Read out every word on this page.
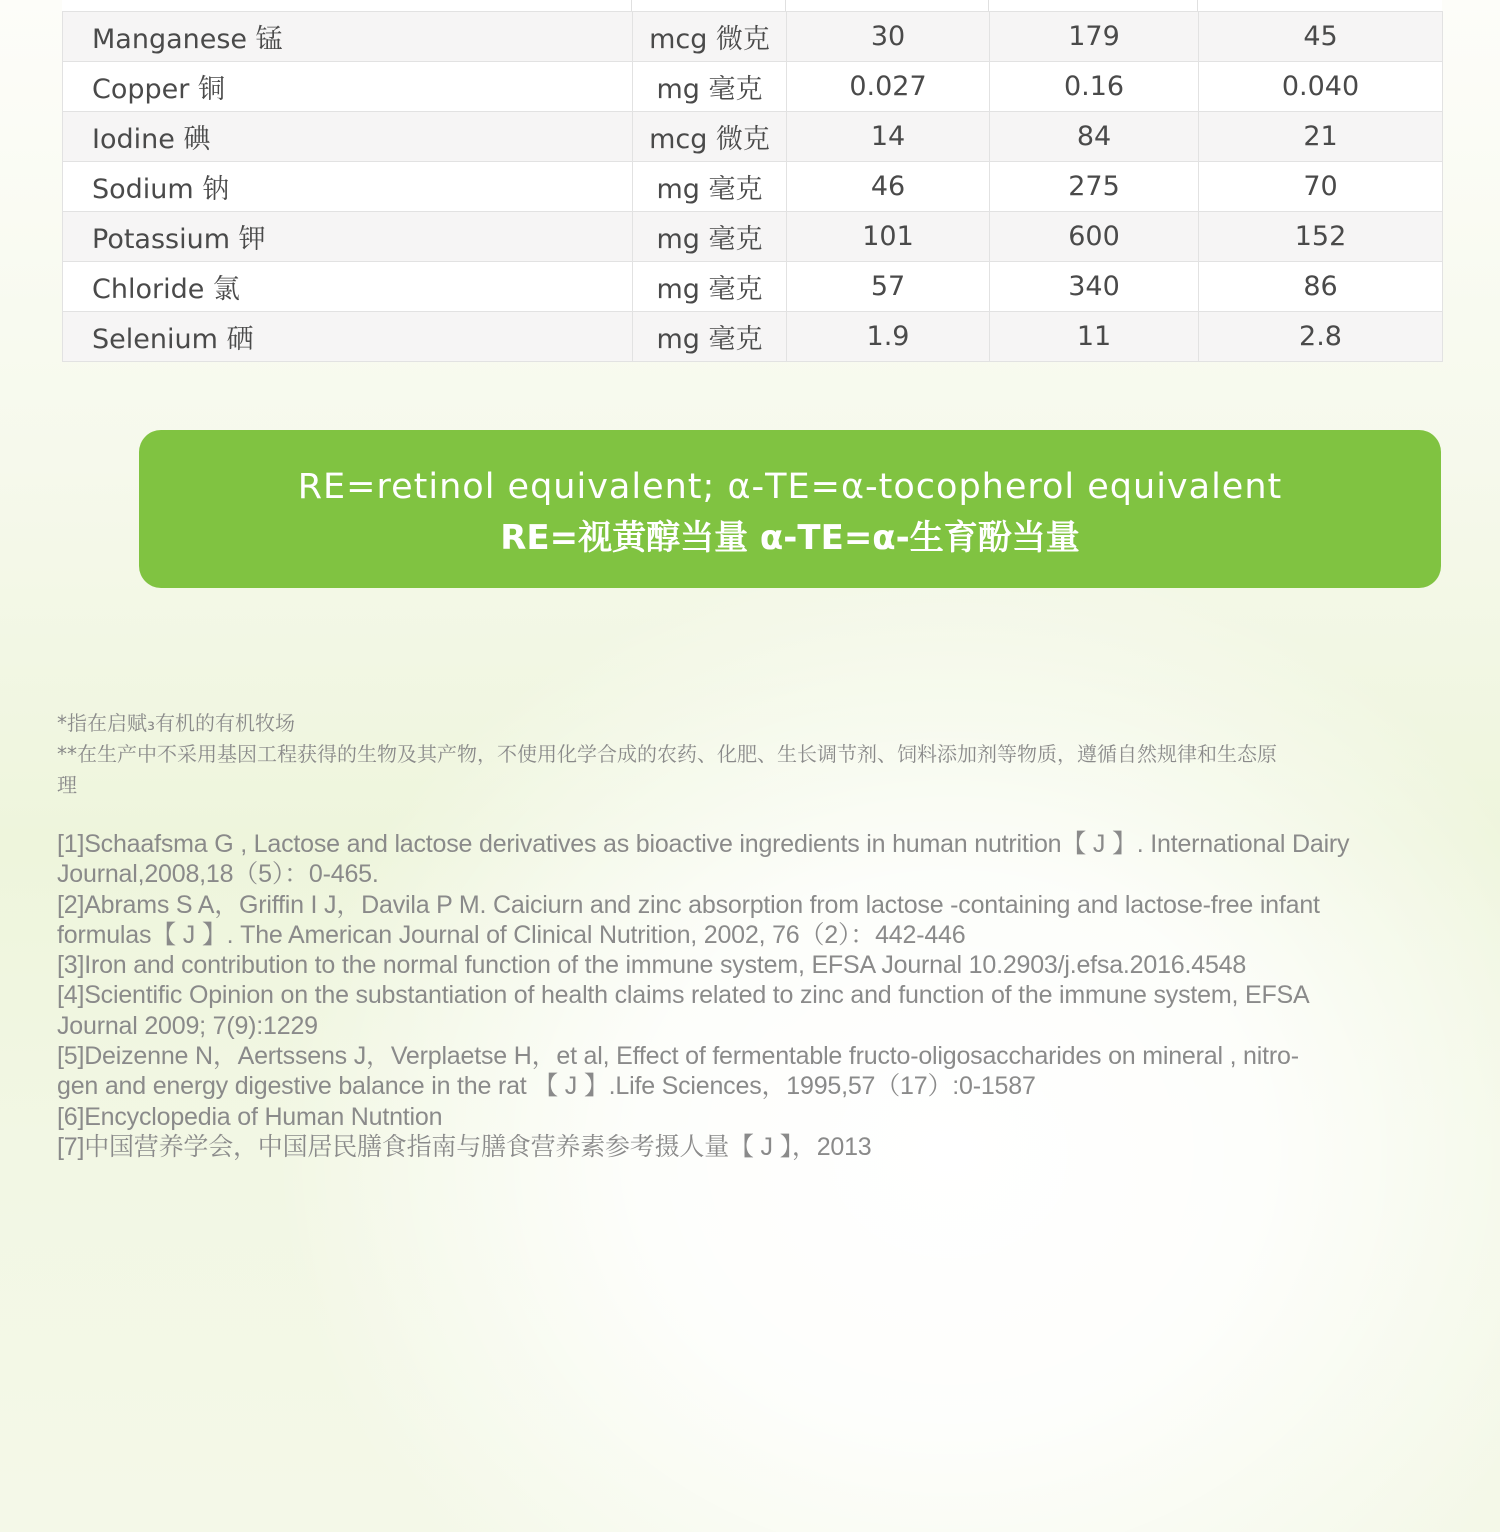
Manganese 锰	mcg 微克	30	179	45
Copper 铜	mg 毫克	0.027	0.16	0.040
Iodine 碘	mcg 微克	14	84	21
Sodium 钠	mg 毫克	46	275	70
Potassium 钾	mg 毫克	101	600	152
Chloride 氯	mg 毫克	57	340	86
Selenium 硒	mg 毫克	1.9	11	2.8
RE=retinol equivalent; α-TE=α-tocopherol equivalent
RE=视黄醇当量 α-TE=α-生育酚当量
*指在启赋₃有机的有机牧场
**在生产中不采用基因工程获得的生物及其产物，不使用化学合成的农药、化肥、生长调节剂、饲料添加剂等物质，遵循自然规律和生态原
理
[1]Schaafsma G , Lactose and lactose derivatives as bioactive ingredients in human nutrition【 J 】. International Dairy
Journal,2008,18（5）：0-465.
[2]Abrams S A，Griffin I J，Davila P M. Caiciurn and zinc absorption from lactose -containing and lactose-free infant
formulas【 J 】. The American Journal of Clinical Nutrition, 2002, 76（2）：442-446
[3]Iron and contribution to the normal function of the immune system, EFSA Journal 10.2903/j.efsa.2016.4548
[4]Scientific Opinion on the substantiation of health claims related to zinc and function of the immune system, EFSA
Journal 2009; 7(9):1229
[5]Deizenne N，Aertssens J，Verplaetse H，et al, Effect of fermentable fructo-oligosaccharides on mineral , nitro-
gen and energy digestive balance in the rat 【 J 】.Life Sciences，1995,57（17）:0-1587
[6]Encyclopedia of Human Nutntion
[7]中国营养学会，中国居民膳食指南与膳食营养素参考摄人量【 J 】，2013
